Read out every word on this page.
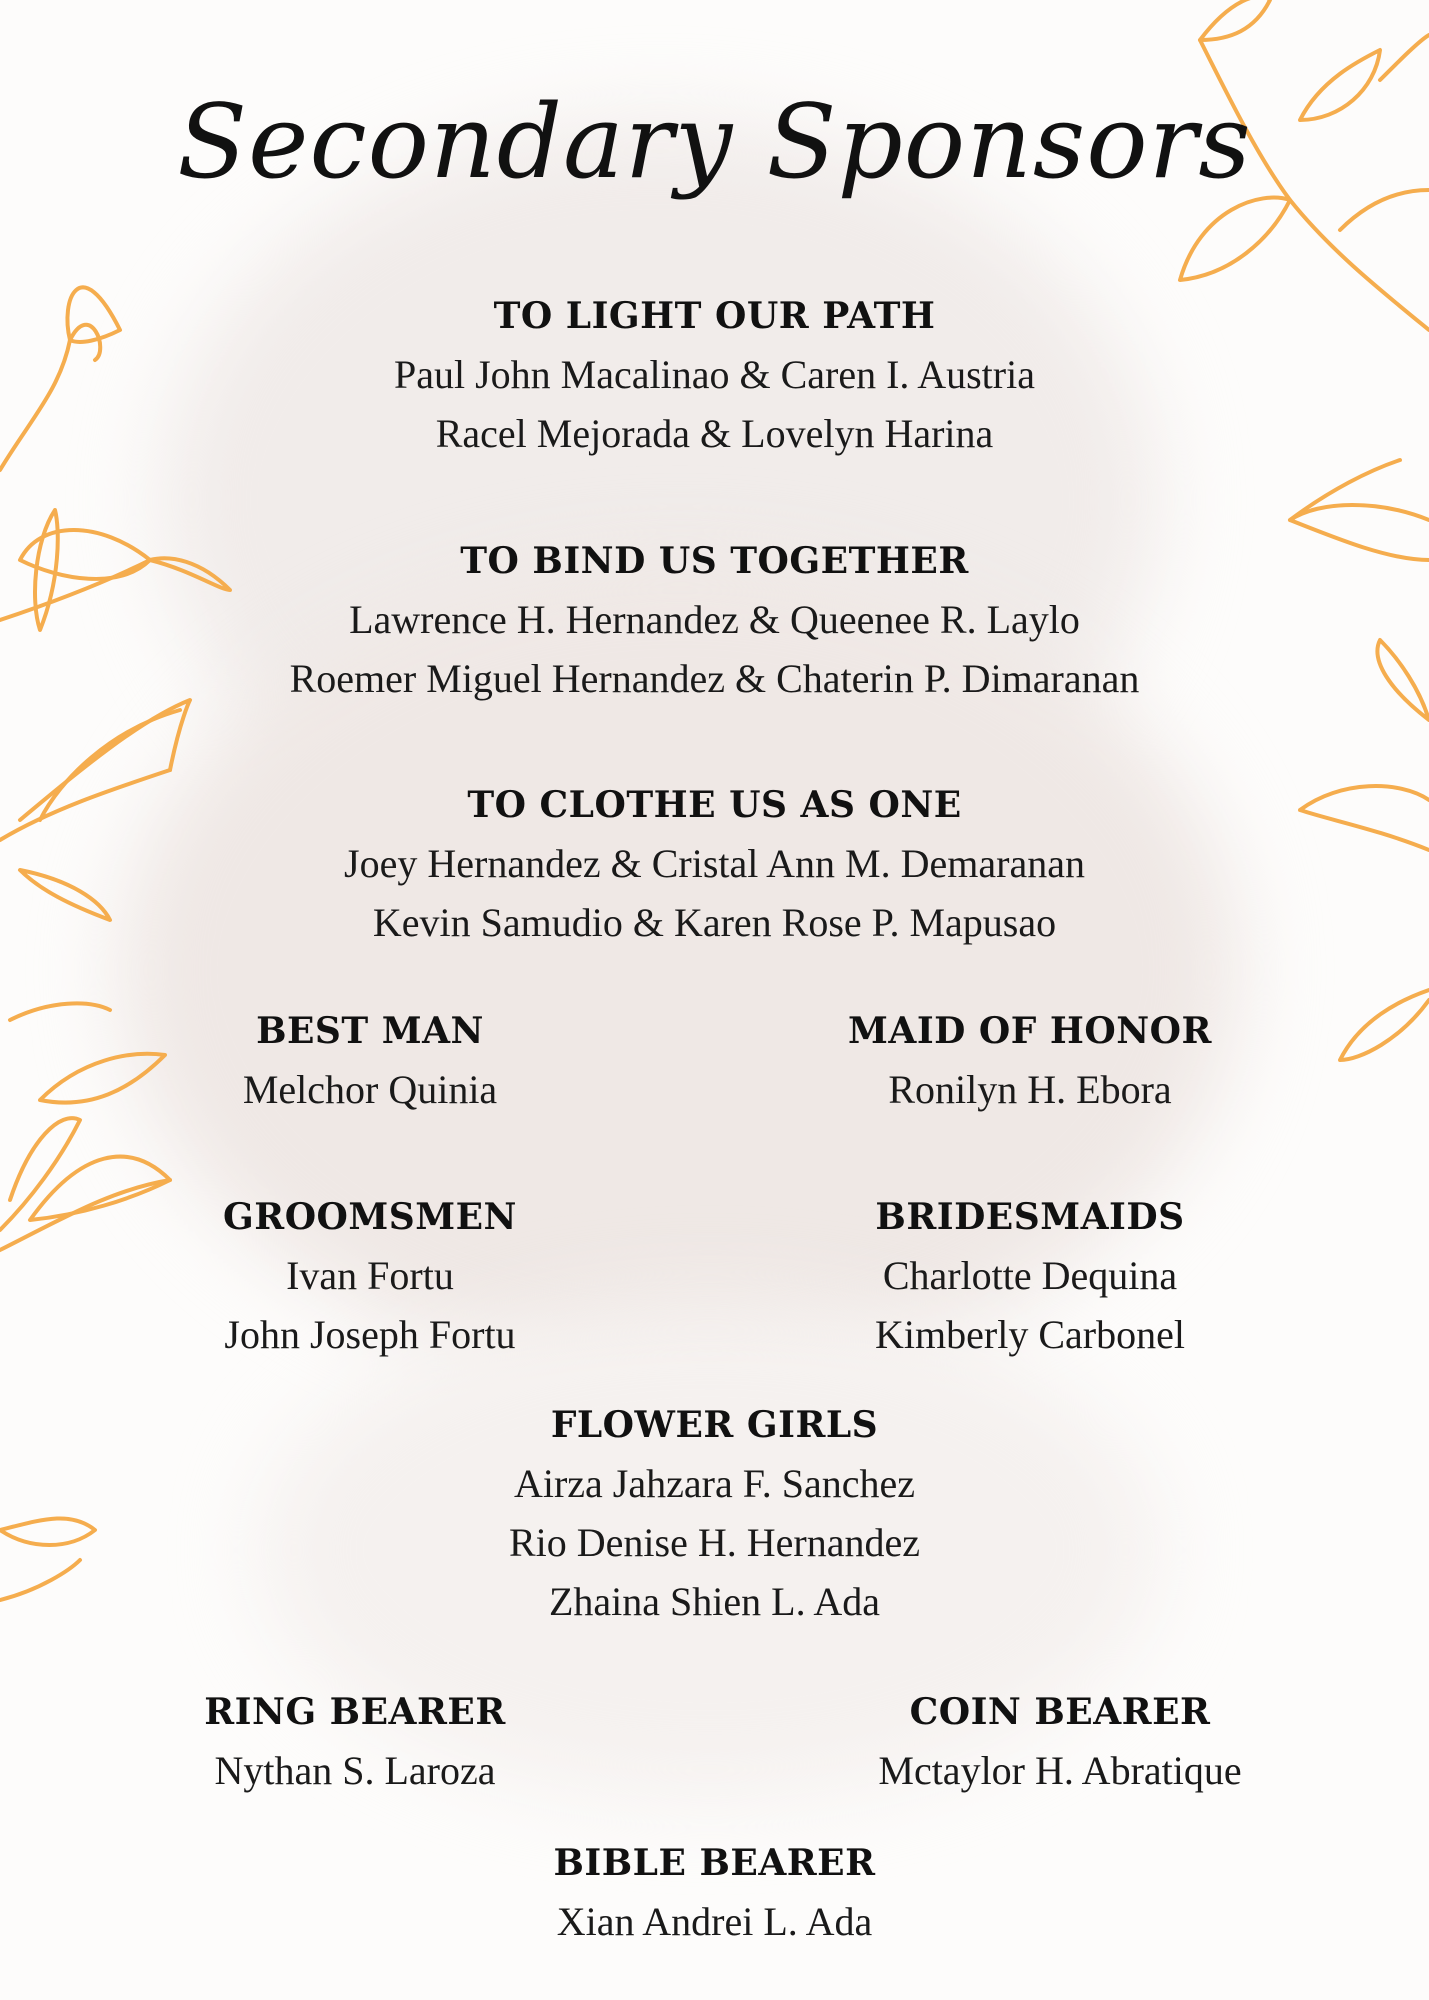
Secondary Sponsors
TO LIGHT OUR PATH
Paul John Macalinao & Caren I. Austria
Racel Mejorada & Lovelyn Harina
TO BIND US TOGETHER
Lawrence H. Hernandez & Queenee R. Laylo
Roemer Miguel Hernandez & Chaterin P. Dimaranan
TO CLOTHE US AS ONE
Joey Hernandez & Cristal Ann M. Demaranan
Kevin Samudio & Karen Rose P. Mapusao
BEST MAN
Melchor Quinia
MAID OF HONOR
Ronilyn H. Ebora
GROOMSMEN
Ivan Fortu
John Joseph Fortu
BRIDESMAIDS
Charlotte Dequina
Kimberly Carbonel
FLOWER GIRLS
Airza Jahzara F. Sanchez
Rio Denise H. Hernandez
Zhaina Shien L. Ada
RING BEARER
Nythan S. Laroza
COIN BEARER
Mctaylor H. Abratique
BIBLE BEARER
Xian Andrei L. Ada
